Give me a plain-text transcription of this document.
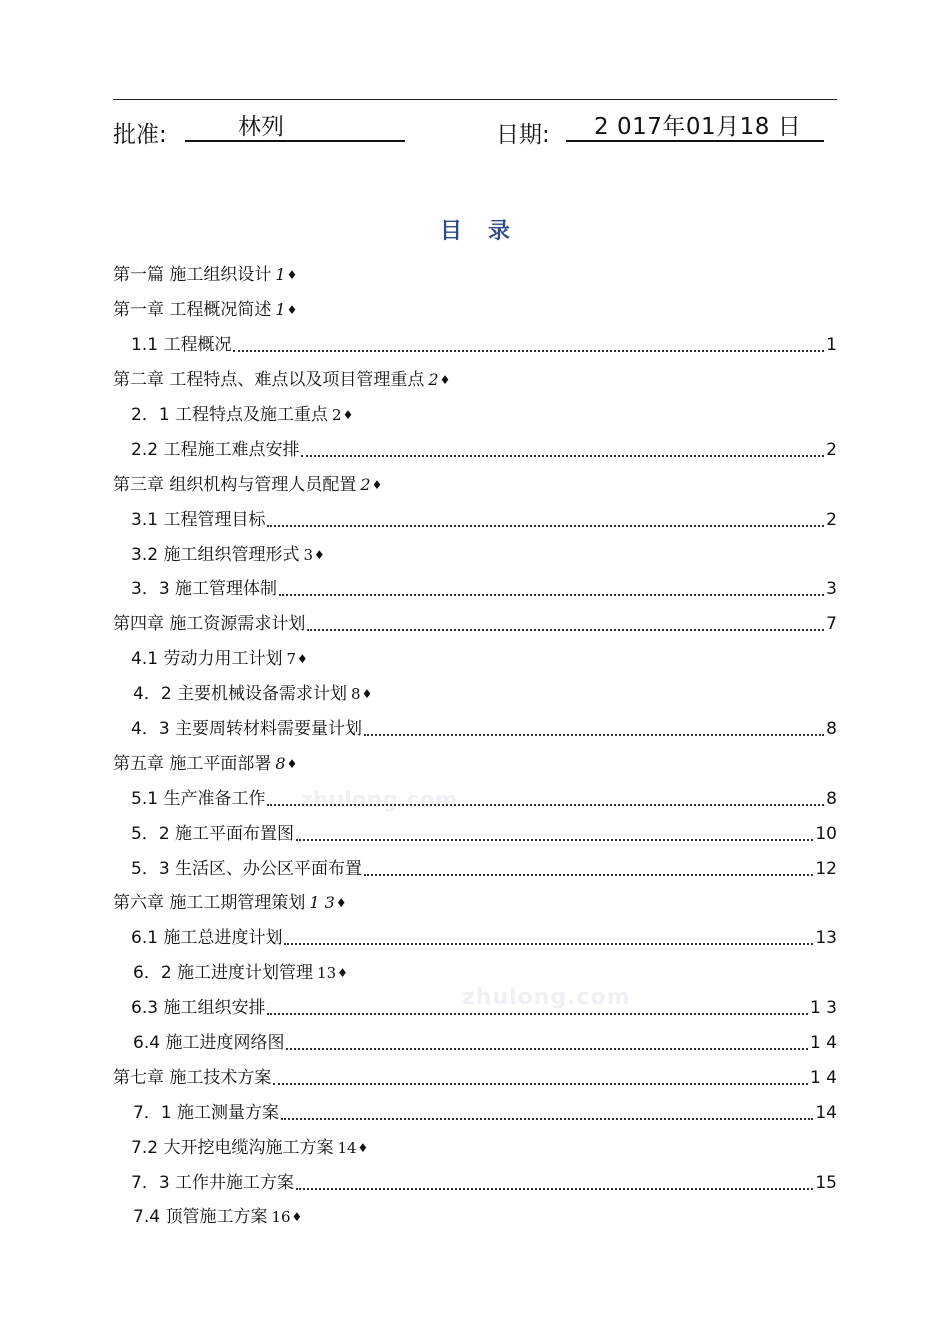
批准:	林列	日期:	2 017年01月18 日
目录
zhulong.com
zhulong.com
第一篇 施工组织设计 1 ♦
第一章 工程概况简述 1 ♦
1.1 工程概况	1
第二章 工程特点、难点以及项目管理重点 2 ♦
2．1 工程特点及施工重点 2 ♦
2.2 工程施工难点安排	2
第三章 组织机构与管理人员配置 2 ♦
3.1 工程管理目标	2
3.2 施工组织管理形式 3 ♦
3．3 施工管理体制	3
第四章 施工资源需求计划	7
4.1 劳动力用工计划 7 ♦
4．2 主要机械设备需求计划 8 ♦
4．3 主要周转材料需要量计划	8
第五章 施工平面部署 8 ♦
5.1 生产准备工作	8
5．2 施工平面布置图	10
5．3 生活区、办公区平面布置	12
第六章 施工工期管理策划 1 3 ♦
6.1 施工总进度计划	13
6．2 施工进度计划管理 13 ♦
6.3 施工组织安排	1 3
6.4 施工进度网络图	1 4
第七章 施工技术方案	1 4
7．1 施工测量方案	14
7.2 大开挖电缆沟施工方案 14 ♦
7．3 工作井施工方案	15
7.4 顶管施工方案 16 ♦
